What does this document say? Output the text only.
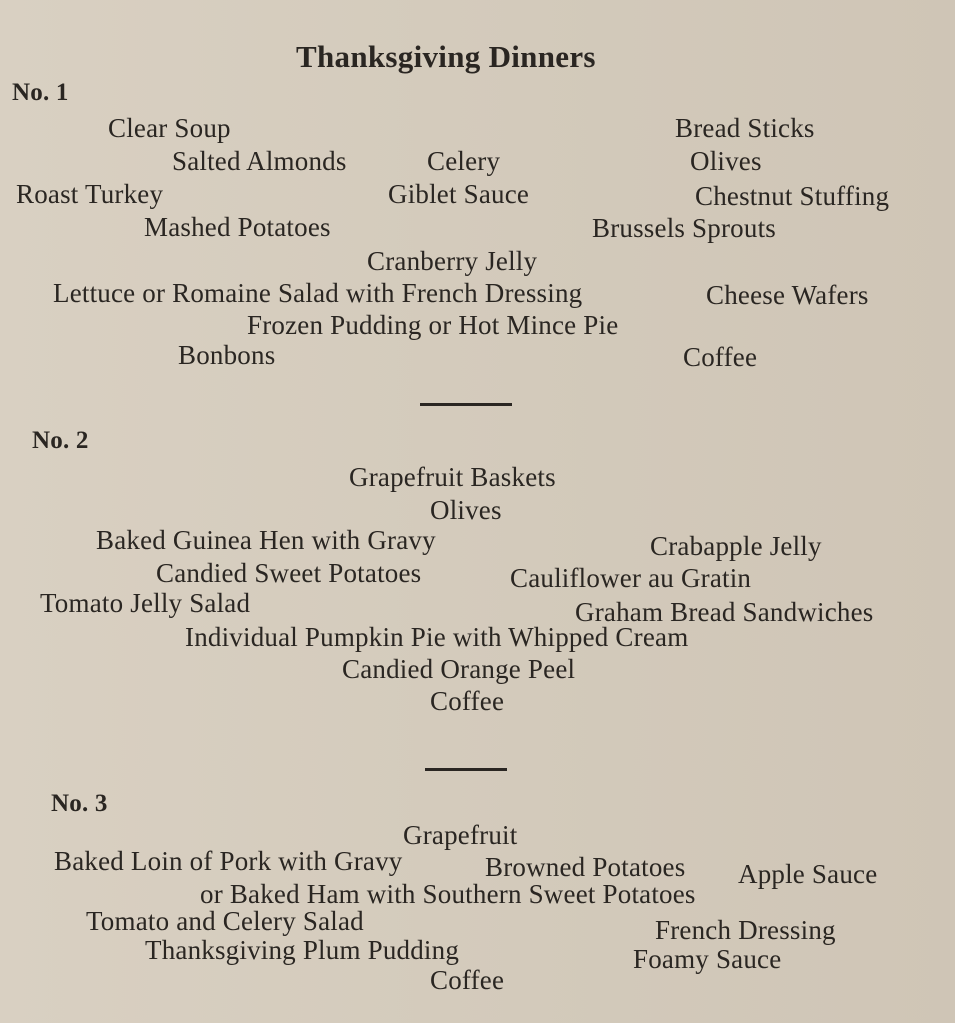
Thanksgiving Dinners
No. 1
Clear Soup	Bread Sticks
Salted Almonds	Celery	Olives
Roast Turkey	Giblet Sauce	Chestnut Stuffing
Mashed Potatoes	Brussels Sprouts
Cranberry Jelly
Lettuce or Romaine Salad with French Dressing	Cheese Wafers
Frozen Pudding or Hot Mince Pie
Bonbons	Coffee
No. 2
Grapefruit Baskets
Olives
Baked Guinea Hen with Gravy	Crabapple Jelly
Candied Sweet Potatoes	Cauliflower au Gratin
Tomato Jelly Salad	Graham Bread Sandwiches
Individual Pumpkin Pie with Whipped Cream
Candied Orange Peel
Coffee
No. 3
Grapefruit
Baked Loin of Pork with Gravy	Browned Potatoes Apple Sauce
or Baked Ham with Southern Sweet Potatoes
Tomato and Celery Salad	French Dressing
Thanksgiving Plum Pudding	Foamy Sauce
Coffee
